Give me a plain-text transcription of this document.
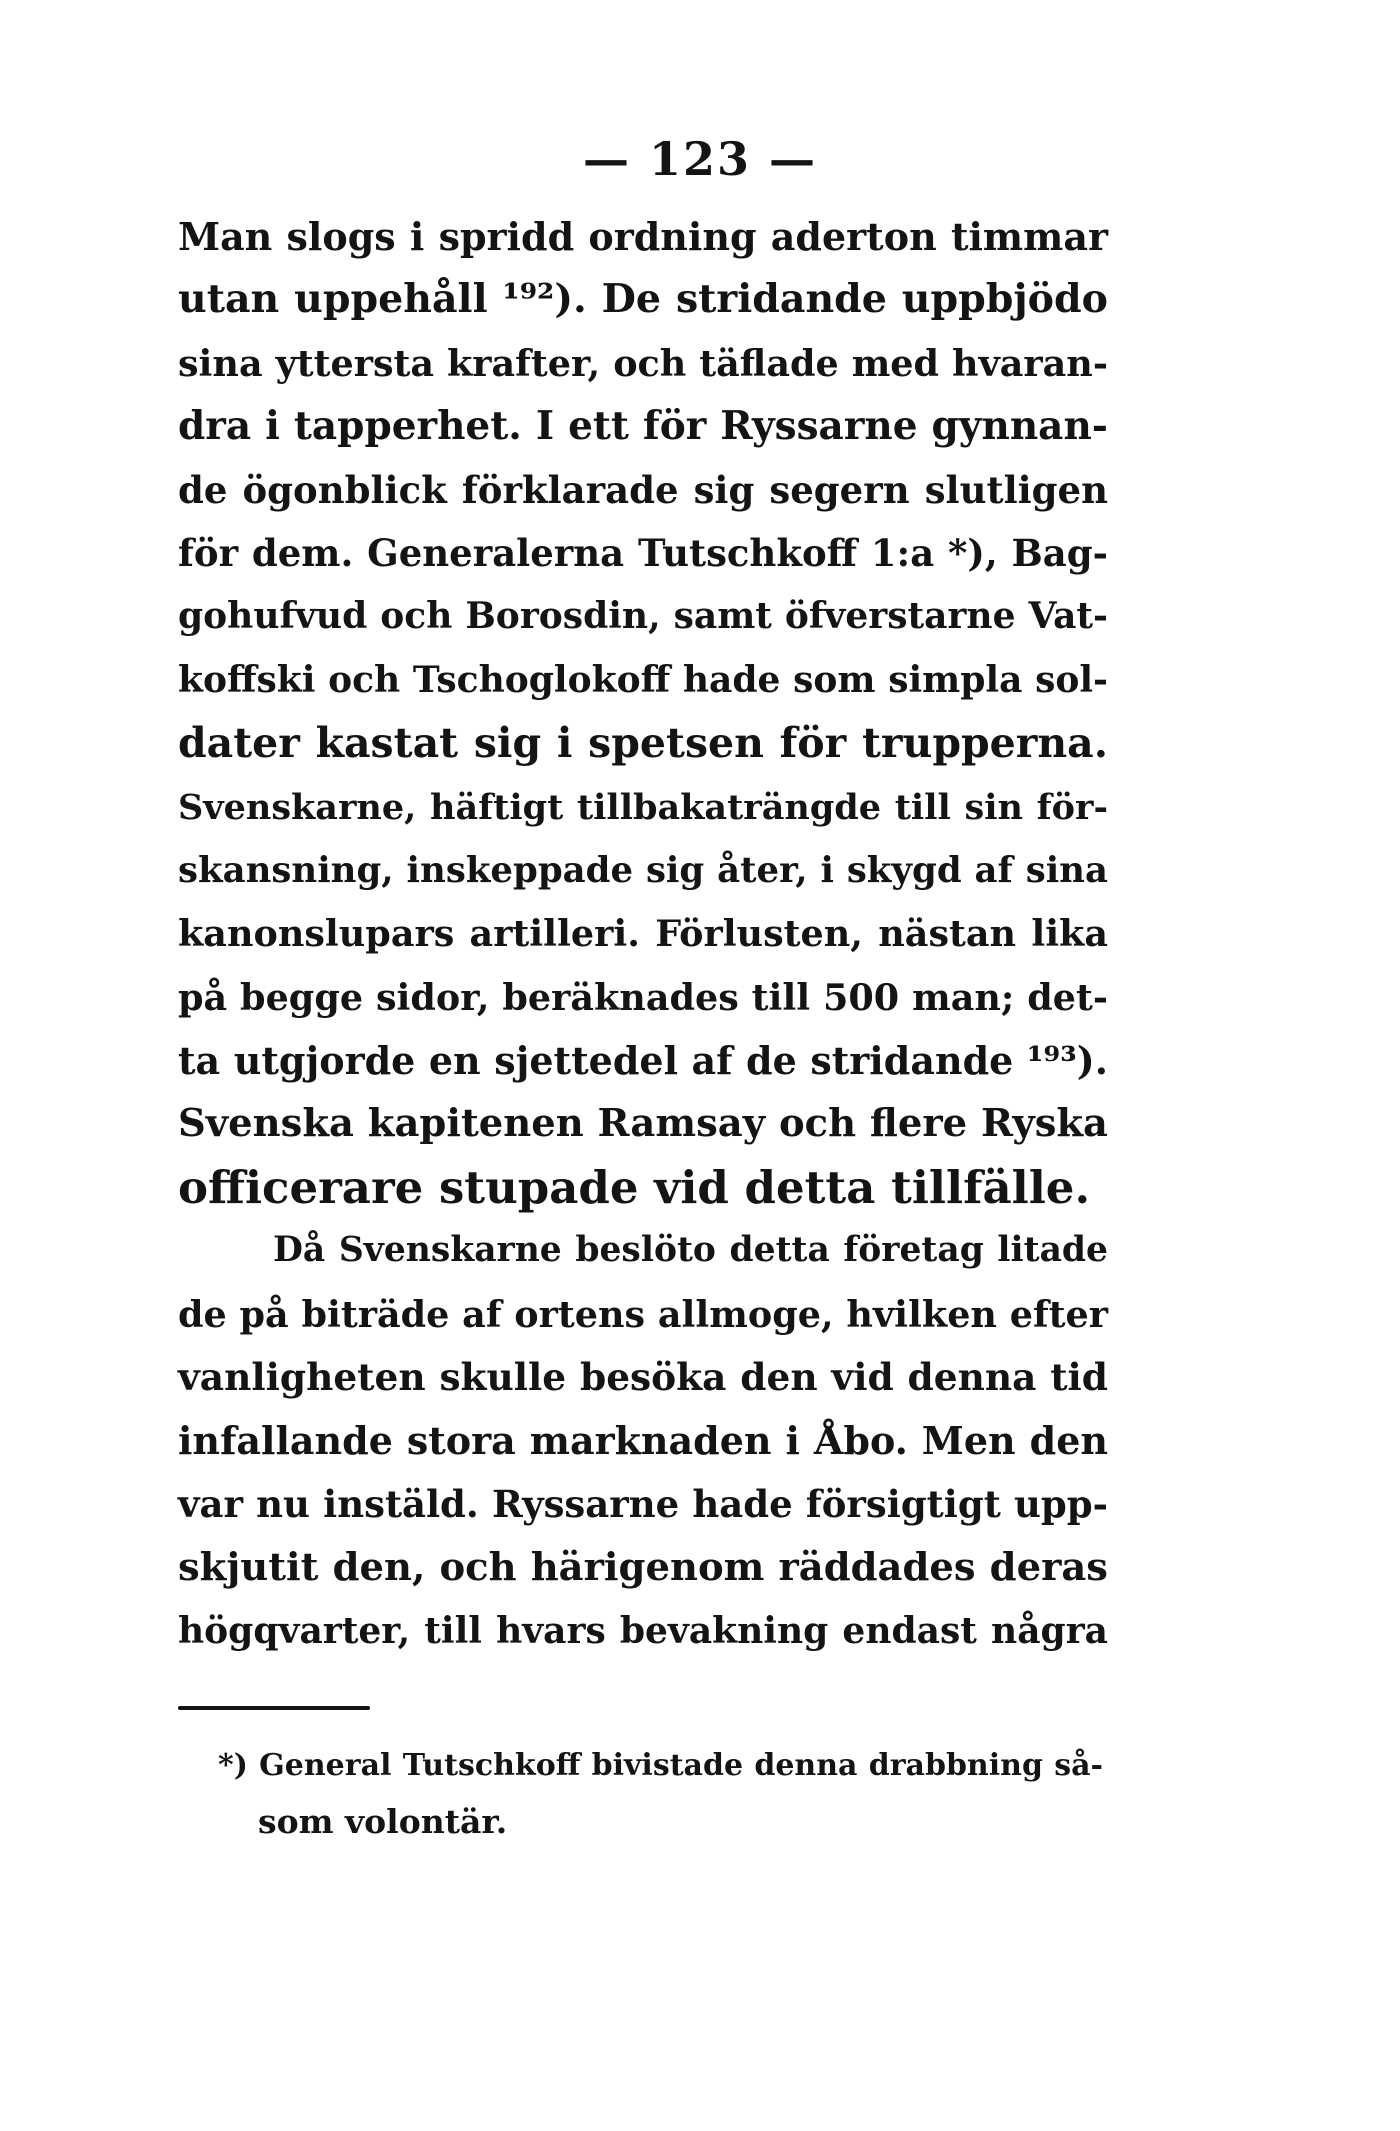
— 123 —
Man slogs i spridd ordning aderton timmar
utan uppehåll ¹⁹²). De stridande uppbjödo
sina yttersta krafter, och täflade med hvaran-
dra i tapperhet. I ett för Ryssarne gynnan-
de ögonblick förklarade sig segern slutligen
för dem. Generalerna Tutschkoff 1:a *), Bag-
gohufvud och Borosdin, samt öfverstarne Vat-
koffski och Tschoglokoff hade som simpla sol-
dater kastat sig i spetsen för trupperna.
Svenskarne, häftigt tillbakaträngde till sin för-
skansning, inskeppade sig åter, i skygd af sina
kanonslupars artilleri. Förlusten, nästan lika
på begge sidor, beräknades till 500 man; det-
ta utgjorde en sjettedel af de stridande ¹⁹³).
Svenska kapitenen Ramsay och flere Ryska
officerare stupade vid detta tillfälle.
Då Svenskarne beslöto detta företag litade
de på biträde af ortens allmoge, hvilken efter
vanligheten skulle besöka den vid denna tid
infallande stora marknaden i Åbo. Men den
var nu instäld. Ryssarne hade försigtigt upp-
skjutit den, och härigenom räddades deras
högqvarter, till hvars bevakning endast några
*) General Tutschkoff bivistade denna drabbning så-
som volontär.
